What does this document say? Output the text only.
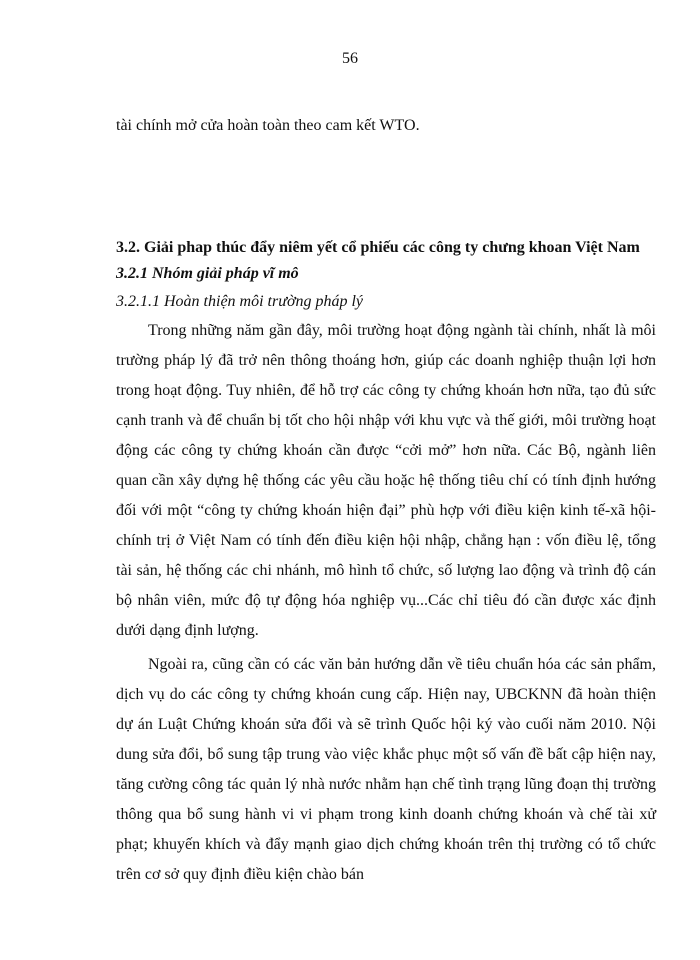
56

tài chính mở cửa hoàn toàn theo cam kết WTO.

3.2. Giải phap thúc đẩy niêm yết cổ phiếu các công ty chưng khoan Việt Nam

3.2.1 Nhóm giải pháp vĩ mô

3.2.1.1 Hoàn thiện môi trường pháp lý

Trong những năm gần đây, môi trường hoạt động ngành tài chính, nhất là môi trường pháp lý đã trở nên thông thoáng hơn, giúp các doanh nghiệp thuận lợi hơn trong hoạt động. Tuy nhiên, để hỗ trợ các công ty chứng khoán hơn nữa, tạo đủ sức cạnh tranh và để chuẩn bị tốt cho hội nhập với khu vực và thế giới, môi trường hoạt động các công ty chứng khoán cần được “cởi mở” hơn nữa. Các Bộ, ngành liên quan cần xây dựng hệ thống các yêu cầu hoặc hệ thống tiêu chí có tính định hướng đối với một “công ty chứng khoán hiện đại” phù hợp với điều kiện kinh tế-xã hội-chính trị ở Việt Nam có tính đến điều kiện hội nhập, chẳng hạn : vốn điều lệ, tổng tài sản, hệ thống các chi nhánh, mô hình tổ chức, số lượng lao động và trình độ cán bộ nhân viên, mức độ tự động hóa nghiệp vụ...Các chỉ tiêu đó cần được xác định dưới dạng định lượng.

Ngoài ra, cũng cần có các văn bản hướng dẫn về tiêu chuẩn hóa các sản phẩm, dịch vụ do các công ty chứng khoán cung cấp. Hiện nay, UBCKNN đã hoàn thiện dự án Luật Chứng khoán sửa đổi và sẽ trình Quốc hội ký vào cuối năm 2010. Nội dung sửa đổi, bổ sung tập trung vào việc khắc phục một số vấn đề bất cập hiện nay, tăng cường công tác quản lý nhà nước nhằm hạn chế tình trạng lũng đoạn thị trường thông qua bổ sung hành vi vi phạm trong kinh doanh chứng khoán và chế tài xử phạt; khuyến khích và đẩy mạnh giao dịch chứng khoán trên thị trường có tổ chức trên cơ sở quy định điều kiện chào bán
